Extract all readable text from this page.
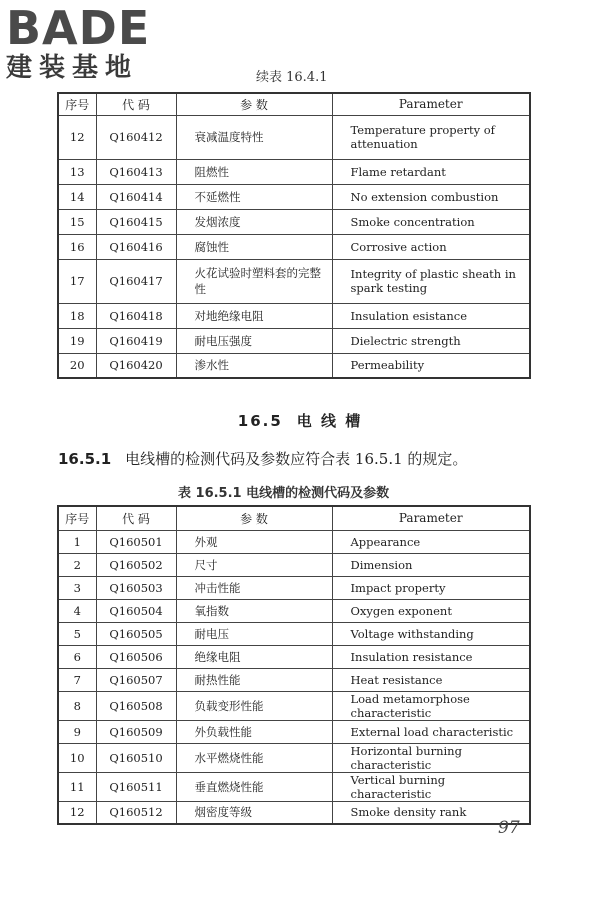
BADE
建装基地	续表 16.4.1
序号	代 码	参 数	Parameter
12	Q160412	衰减温度特性	Temperature property of attenuation
13	Q160413	阻燃性	Flame retardant
14	Q160414	不延燃性	No extension combustion
15	Q160415	发烟浓度	Smoke concentration
16	Q160416	腐蚀性	Corrosive action
17	Q160417	火花试验时塑料套的完整性	Integrity of plastic sheath in spark testing
18	Q160418	对地绝缘电阻	Insulation esistance
19	Q160419	耐电压强度	Dielectric strength
20	Q160420	渗水性	Permeability
16.5 电 线 槽
16.5.1 电线槽的检测代码及参数应符合表 16.5.1 的规定。
表 16.5.1 电线槽的检测代码及参数
序号	代 码	参 数	Parameter
1	Q160501	外观	Appearance
2	Q160502	尺寸	Dimension
3	Q160503	冲击性能	Impact property
4	Q160504	氧指数	Oxygen exponent
5	Q160505	耐电压	Voltage withstanding
6	Q160506	绝缘电阻	Insulation resistance
7	Q160507	耐热性能	Heat resistance
8	Q160508	负载变形性能	Load metamorphose characteristic
9	Q160509	外负载性能	External load characteristic
10	Q160510	水平燃烧性能	Horizontal burning characteristic
11	Q160511	垂直燃烧性能	Vertical burning characteristic
12	Q160512	烟密度等级	Smoke density rank
97
